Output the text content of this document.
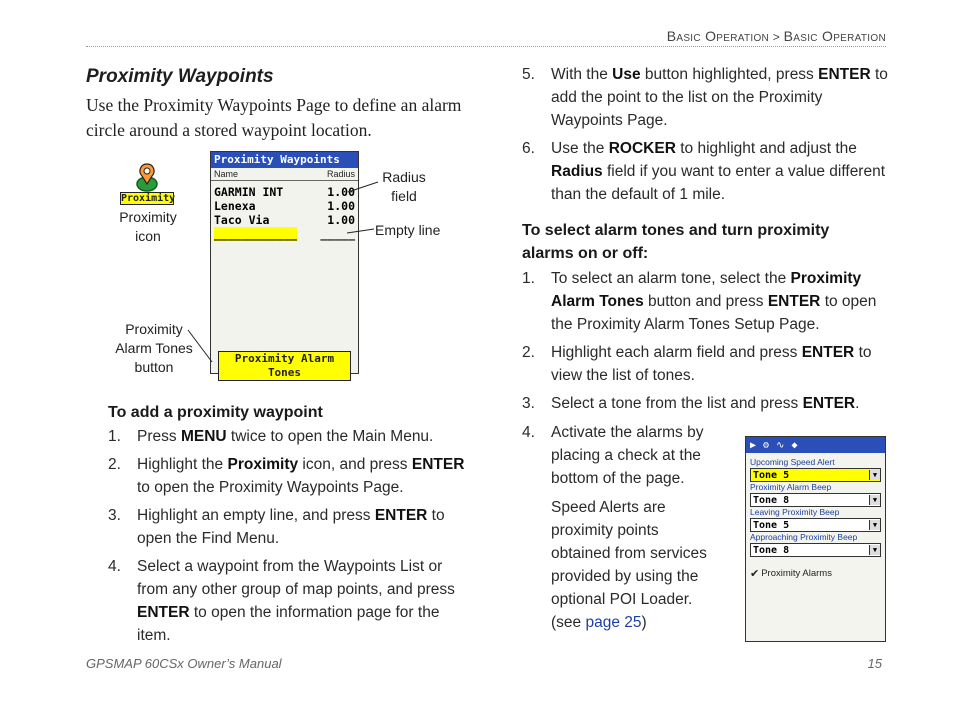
Basic Operation > Basic Operation
Proximity Waypoints
Use the Proximity Waypoints Page to define an alarm circle around a stored waypoint location.
Proximity
Proximity
icon
Proximity Waypoints
Name	Radius
GARMIN INT	1.00
Lenexa	1.00
Taco Via	1.00
____________ _____
Proximity Alarm Tones
Radius
field
Empty line
Proximity
Alarm Tones
button
To add a proximity waypoint
1. Press MENU twice to open the Main Menu.
2. Highlight the Proximity icon, and press ENTER to open the Proximity Waypoints Page.
3. Highlight an empty line, and press ENTER to open the Find Menu.
4. Select a waypoint from the Waypoints List or from any other group of map points, and press ENTER to open the information page for the item.
5. With the Use button highlighted, press ENTER to add the point to the list on the Proximity Waypoints Page.
6. Use the ROCKER to highlight and adjust the Radius field if you want to enter a value different than the default of 1 mile.
To select alarm tones and turn proximity alarms on or off:
1. To select an alarm tone, select the Proximity Alarm Tones button and press ENTER to open the Proximity Alarm Tones Setup Page.
2. Highlight each alarm field and press ENTER to view the list of tones.
3. Select a tone from the list and press ENTER.
4.	Activate the alarms by placing a check at the bottom of the page.
Speed Alerts are proximity points obtained from services provided by using the optional POI Loader. (see page 25)
▶ ⚙ ∿ ◆
Upcoming Speed Alert
Tone 5	▼
Proximity Alarm Beep
Tone 8	▼
Leaving Proximity Beep
Tone 5	▼
Approaching Proximity Beep
Tone 8	▼
✔ Proximity Alarms
GPSMAP 60CSx Owner’s Manual	15
